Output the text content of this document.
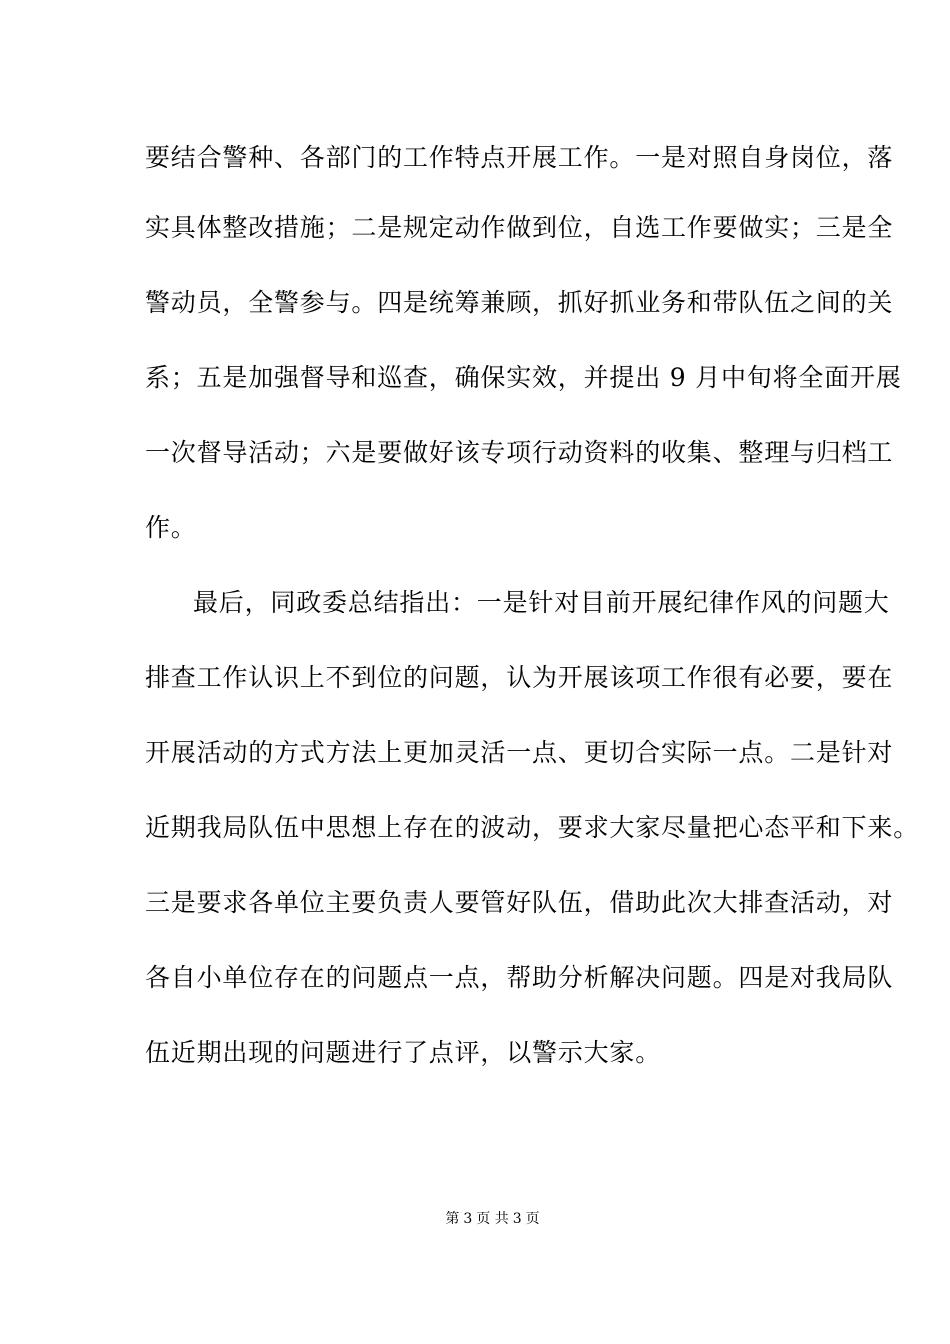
要结合警种、各部门的工作特点开展工作。一是对照自身岗位，落
实具体整改措施；二是规定动作做到位，自选工作要做实；三是全
警动员，全警参与。四是统筹兼顾，抓好抓业务和带队伍之间的关
系；五是加强督导和巡查，确保实效，并提出 9 月中旬将全面开展
一次督导活动；六是要做好该专项行动资料的收集、整理与归档工
作。
最后，同政委总结指出：一是针对目前开展纪律作风的问题大
排查工作认识上不到位的问题，认为开展该项工作很有必要，要在
开展活动的方式方法上更加灵活一点、更切合实际一点。二是针对
近期我局队伍中思想上存在的波动，要求大家尽量把心态平和下来。
三是要求各单位主要负责人要管好队伍，借助此次大排查活动，对
各自小单位存在的问题点一点，帮助分析解决问题。四是对我局队
伍近期出现的问题进行了点评，以警示大家。
第 3 页 共 3 页
